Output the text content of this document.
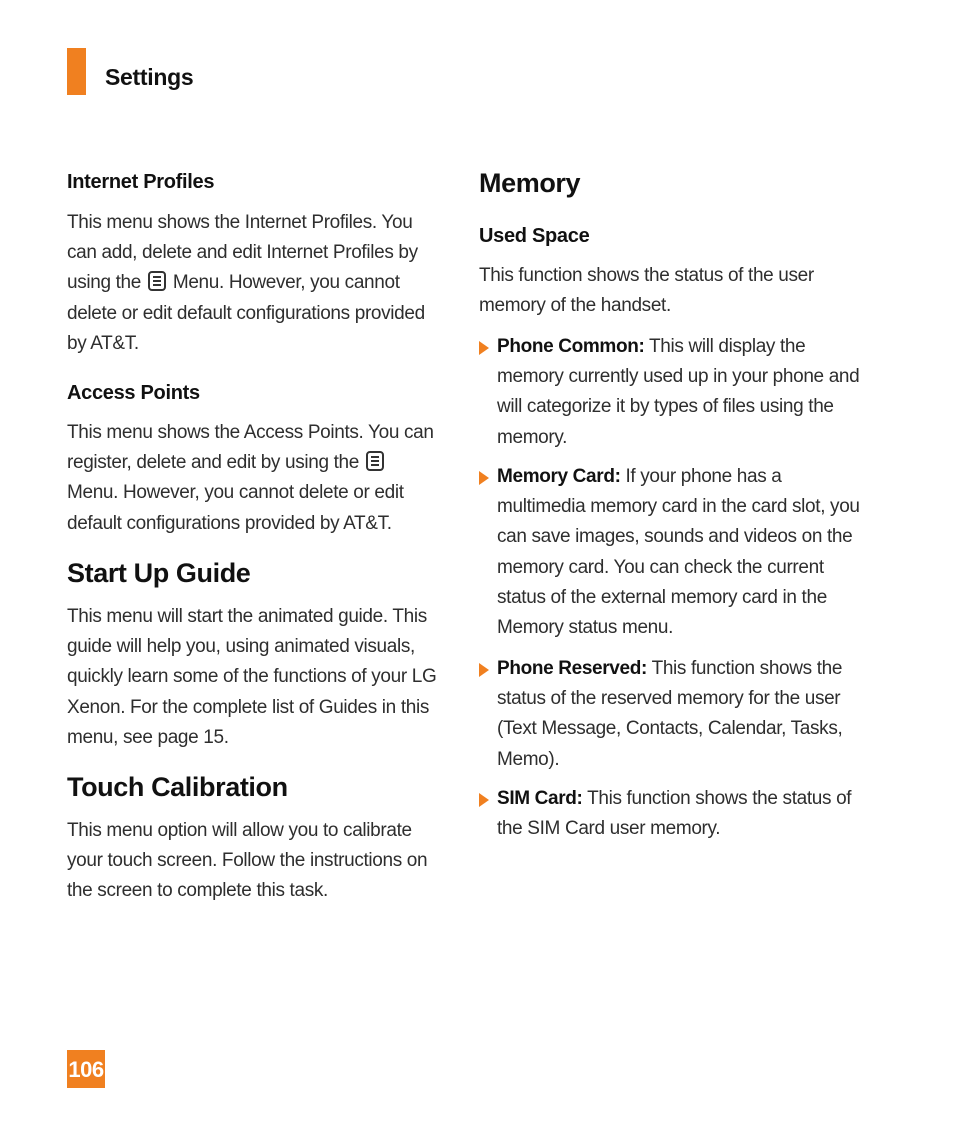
Settings
Internet Profiles

This menu shows the Internet Profiles. You can add, delete and edit Internet Profiles by using the Menu. However, you cannot delete or edit default configurations provided by AT&T.

Access Points

This menu shows the Access Points. You can register, delete and edit by using the
Menu. However, you cannot delete or edit default configurations provided by AT&T.

Start Up Guide

This menu will start the animated guide. This guide will help you, using animated visuals, quickly learn some of the functions of your LG Xenon. For the complete list of Guides in this menu, see page 15.

Touch Calibration

This menu option will allow you to calibrate your touch screen. Follow the instructions on the screen to complete this task.

Memory
Used Space

This function shows the status of the user memory of the handset.

Phone Common: This will display the memory currently used up in your phone and will categorize it by types of files using the memory.

Memory Card: If your phone has a multimedia memory card in the card slot, you can save images, sounds and videos on the memory card. You can check the current status of the external memory card in the Memory status menu.

Phone Reserved: This function shows the status of the reserved memory for the user (Text Message, Contacts, Calendar, Tasks, Memo).

SIM Card: This function shows the status of the SIM Card user memory.

106
